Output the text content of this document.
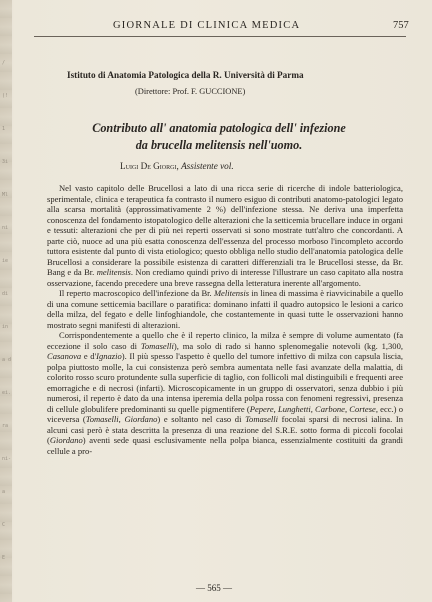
/
(!
1
3i
Ml
ni
ie
di
in
a d
ei.
ra
ni-
a
C
E
GIORNALE DI CLINICA MEDICA	757
Istituto di Anatomia Patologica della R. Università di Parma
(Direttore: Prof. F. GUCCIONE)
Contributo all' anatomia patologica dell' infezione
da brucella melitensis nell'uomo.
Luigi De Giorgi, Assistente vol.

Nel vasto capitolo delle Brucellosi a lato di una ricca serie di ricerche di indole batteriologica, sperimentale, clinica e terapeutica fa contrasto il numero esiguo di contributi anatomo-patologici legato alla scarsa mortalità (approssimativamente 2 %) dell'infezione stessa. Ne deriva una imperfetta conoscenza del fondamento istopatologico delle alterazioni che la setticemia brucellare induce in organi e tessuti: alterazioni che per di più nei reperti osservati si sono mostrate tutt'altro che concordanti. A parte ciò, nuoce ad una più esatta conoscenza dell'essenza del processo morboso l'incompleto accordo tuttora esistente dal punto di vista etiologico; questo obbliga nello studio dell'anatomia patologica delle Brucellosi a considerare la possibile esistenza di caratteri differenziali tra le Brucellosi stesse, da Br. Bang e da Br. melitensis. Non crediamo quindi privo di interesse l'illustrare un caso capitato alla nostra osservazione, facendo precedere una breve rassegna della letteratura inerente all'argomento.

Il reperto macroscopico dell'infezione da Br. Melitensis in linea di massima è riavvicinabile a quello di una comune setticemia bacillare o paratifica: dominano infatti il quadro autopsico le lesioni a carico della milza, del fegato e delle linfoghiandole, che costantemente in quasi tutte le osservazioni hanno mostrato segni manifesti di alterazioni.

Corrispondentemente a quello che è il reperto clinico, la milza è sempre di volume aumentato (fa eccezione il solo caso di Tomaselli), ma solo di rado si hanno splenomegalie notevoli (kg. 1,300, Casanova e d'Ignazio). Il più spesso l'aspetto è quello del tumore infettivo di milza con capsula liscia, polpa piuttosto molle, la cui consistenza però sembra aumentata nelle fasi avanzate della malattia, di colorito rosso scuro protundente sulla superficie di taglio, con follicoli mal distinguibili e frequenti aree emorragiche e di necrosi (infarti). Microscopicamente in un gruppo di osservatori, senza dubbio i più numerosi, il reperto è dato da una intensa iperemia della polpa rossa con fenomeni regressivi, presenza di cellule globulifere predominanti su quelle pigmentifere (Pepere, Lunghetti, Carbone, Cortese, ecc.) o viceversa (Tomaselli, Giordano) e soltanto nel caso di Tomaselli focolai sparsi di necrosi ialina. In alcuni casi però è stata descritta la presenza di una reazione del S.R.E. sotto forma di piccoli focolai (Giordano) aventi sede quasi esclusivamente nella polpa bianca, essenzialmente costituiti da grandi cellule a pro-

— 565 —
